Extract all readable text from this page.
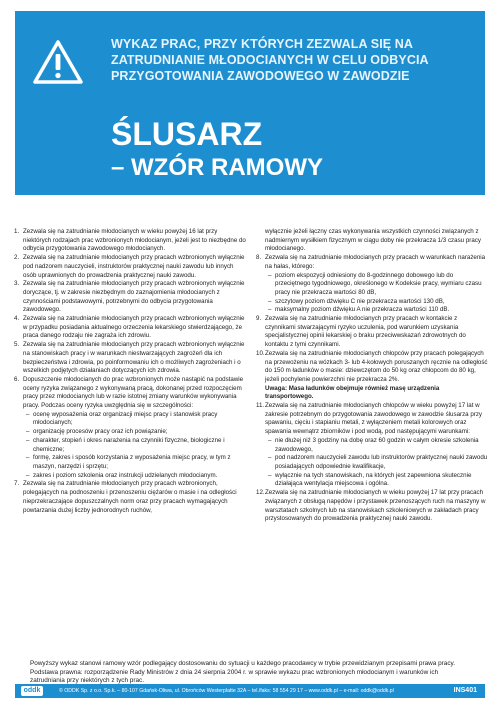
WYKAZ PRAC, PRZY KTÓRYCH ZEZWALA SIĘ NA ZATRUDNIANIE MŁODOCIANYCH W CELU ODBYCIA PRZYGOTOWANIA ZAWODOWEGO W ZAWODZIE
ŚLUSARZ
– WZÓR RAMOWY

1. Zezwala się na zatrudnianie młodocianych w wieku powyżej 16 lat przy niektórych rodzajach prac wzbronionych młodocianym, jeżeli jest to niezbędne do odbycia przygotowania zawodowego młodocianych.

2. Zezwala się na zatrudnianie młodocianych przy pracach wzbronionych wyłącznie pod nadzorem nauczycieli, instruktorów praktycznej nauki zawodu lub innych osób uprawnionych do prowadzenia praktycznej nauki zawodu.

3. Zezwala się na zatrudnianie młodocianych przy pracach wzbronionych wyłącznie doryczące, tj. w zakresie niezbędnym do zaznajomienia młodocianych z czynnościami podstawowymi, potrzebnymi do odbycia przygotowania zawodowego.

4. Zezwala się na zatrudnianie młodocianych przy pracach wzbronionych wyłącznie w przypadku posiadania aktualnego orzeczenia lekarskiego stwierdzającego, że praca danego rodzaju nie zagraża ich zdrowiu.

5. Zezwala się na zatrudnianie młodocianych przy pracach wzbronionych wyłącznie na stanowiskach pracy i w warunkach niestwarzających zagrożeń dla ich bezpieczeństwa i zdrowia, po poinformowaniu ich o możliwych zagrożeniach i o wszelkich podjętych działaniach dotyczących ich zdrowia.

6. Dopuszczenie młodocianych do prac wzbronionych może nastąpić na podstawie oceny ryzyka związanego z wykonywaną pracą, dokonanej przed rozpoczęciem pracy przez młodocianych lub w razie istotnej zmiany warunków wykonywania pracy. Podczas oceny ryzyka uwzględnia się w szczególności:

– ocenę wyposażenia oraz organizacji miejsc pracy i stanowisk pracy młodocianych;
– organizację procesów pracy oraz ich powiązanie;
– charakter, stopień i okres narażenia na czynniki fizyczne, biologiczne i chemiczne;
– formę, zakres i sposób korzystania z wyposażenia miejsc pracy, w tym z maszyn, narzędzi i sprzętu;
– zakres i poziom szkolenia oraz instrukcji udzielanych młodocianym.

7. Zezwala się na zatrudnianie młodocianych przy pracach wzbronionych, polegających na podnoszeniu i przenoszeniu ciężarów o masie i na odległości nieprzekraczające dopuszczalnych norm oraz przy pracach wymagających powtarzania dużej liczby jednorodnych ruchów,

wyłącznie jeżeli łączny czas wykonywania wszystkich czynności związanych z nadmiernym wysiłkiem fizycznym w ciągu doby nie przekracza 1/3 czasu pracy młodocianego.

8. Zezwala się na zatrudnianie młodocianych przy pracach w warunkach narażenia na hałas, którego:

– poziom ekspozycji odniesiony do 8-godzinnego dobowego lub do przeciętnego tygodniowego, określonego w Kodeksie pracy, wymiaru czasu pracy nie przekracza wartości 80 dB,
– szczytowy poziom dźwięku C nie przekracza wartości 130 dB,
– maksymalny poziom dźwięku A nie przekracza wartości 110 dB.

9. Zezwala się na zatrudnianie młodocianych przy pracach w kontakcie z czynnikami stwarzającymi ryzyko uczulenia, pod warunkiem uzyskania specjalistycznej opinii lekarskiej o braku przeciwwskazań zdrowotnych do kontaktu z tymi czynnikami.

10. Zezwala się na zatrudnianie młodocianych chłopców przy pracach polegających na przewożeniu na wózkach 3- lub 4-kołowych poruszanych ręcznie na odległość do 150 m ładunków o masie: dziewczętom do 50 kg oraz chłopcom do 80 kg, jeżeli pochylenie powierzchni nie przekracza 2%.

Uwaga: Masa ładunków obejmuje również masę urządzenia transportowego.

11. Zezwala się na zatrudnianie młodocianych chłopców w wieku powyżej 17 lat w zakresie potrzebnym do przygotowania zawodowego w zawodzie ślusarza przy spawaniu, cięciu i stapianiu metali, z wyłączeniem metali kolorowych oraz spawania wewnątrz zbiorników i pod wodą, pod następującymi warunkami:

– nie dłużej niż 3 godziny na dobę oraz 60 godzin w całym okresie szkolenia zawodowego,
– pod nadzorem nauczycieli zawodu lub instruktorów praktycznej nauki zawodu posiadających odpowiednie kwalifikacje,
– wyłącznie na tych stanowiskach, na których jest zapewniona skutecznie działająca wentylacja miejscowa i ogólna.

12. Zezwala się na zatrudnianie młodocianych w wieku powyżej 17 lat przy pracach związanych z obsługą napędów i przystawek przenoszących ruch na maszyny w warsztatach szkolnych lub na stanowiskach szkoleniowych w zakładach pracy przystosowanych do prowadzenia praktycznej nauki zawodu.

Powyższy wykaz stanowi ramowy wzór podlegający dostosowaniu do sytuacji u każdego pracodawcy w trybie przewidzianym przepisami prawa pracy. Podstawa prawna: rozporządzenie Rady Ministrów z dnia 24 sierpnia 2004 r. w sprawie wykazu prac wzbronionych młodocianym i warunków ich zatrudniania przy niektórych z tych prac.
oddk	© ODDK Sp. z o.o. Sp.k. – 80-107 Gdańsk-Oliwa, ul. Obrońców Westerplatte 32A – tel./faks: 58 554 29 17 – www.oddk.pl – e-mail: oddk@oddk.pl	INS401
